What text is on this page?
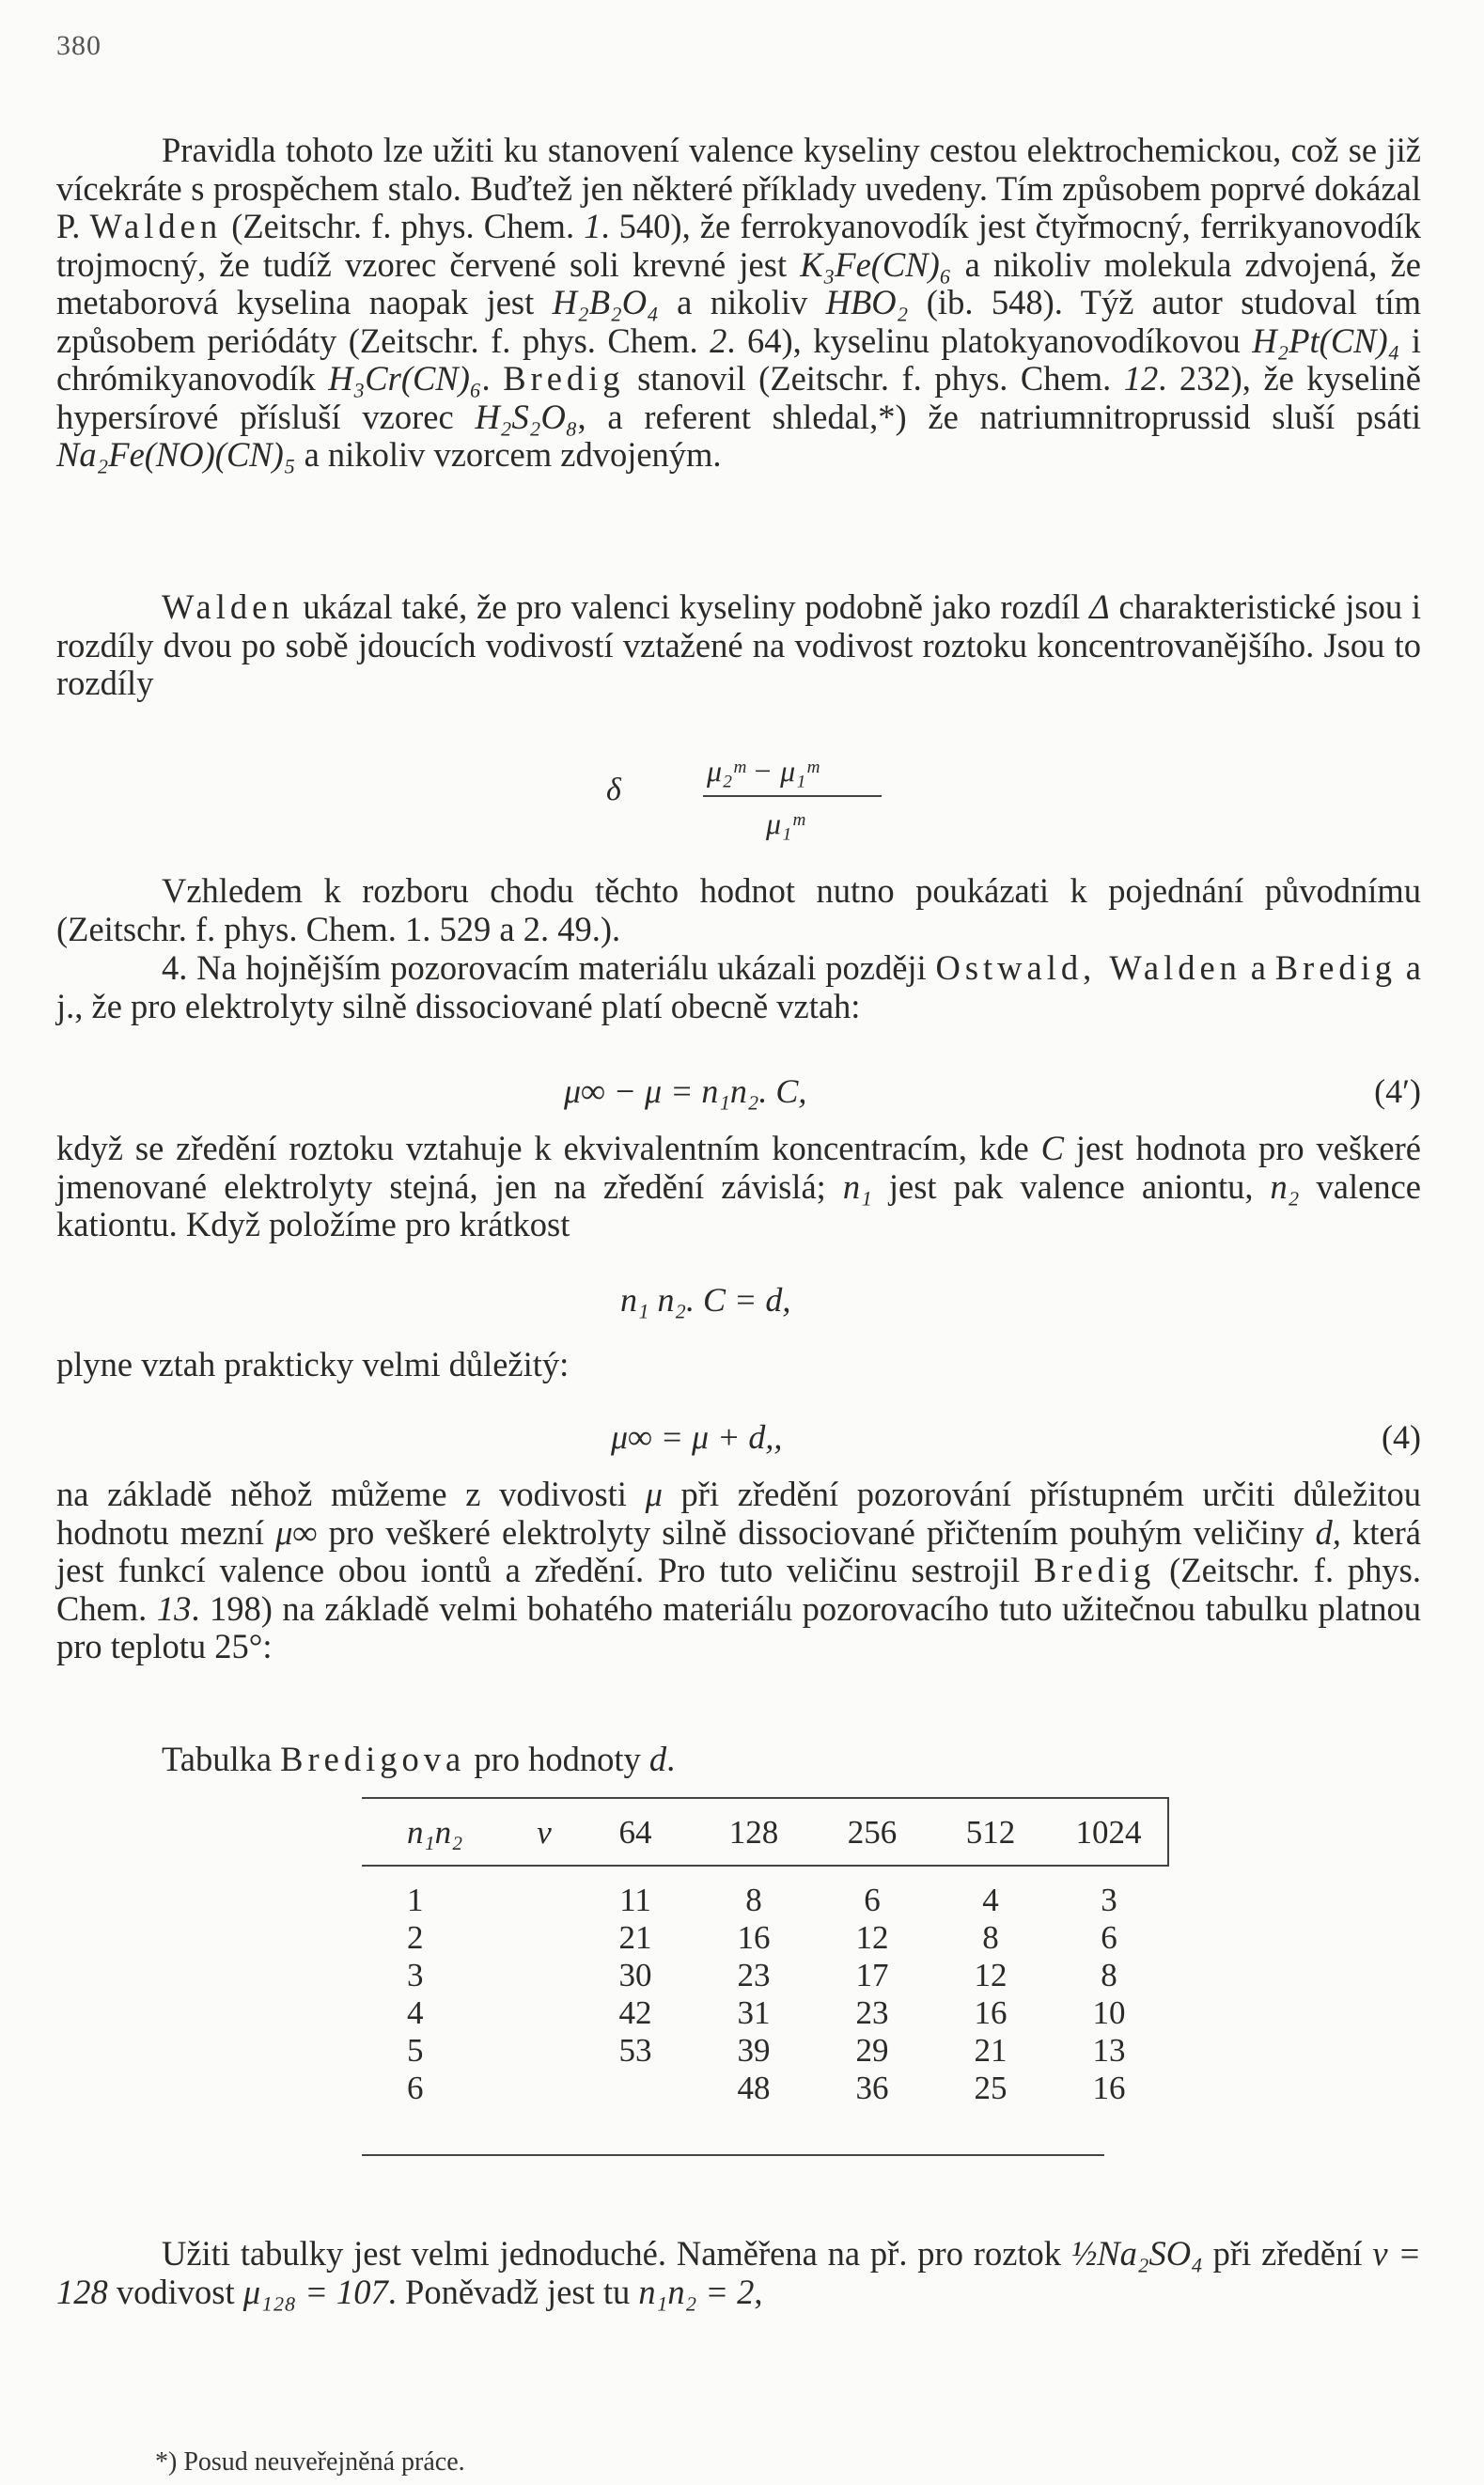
380

Pravidla tohoto lze užiti ku stanovení valence kyseliny cestou elektrochemickou, což se již vícekráte s prospěchem stalo. Buďtež jen některé příklady uvedeny. Tím způsobem poprvé dokázal P. Walden (Zeitschr. f. phys. Chem. 1. 540), že ferrokyanovodík jest čtyřmocný, ferrikyanovodík trojmocný, že tudíž vzorec červené soli krevné jest K₃Fe(CN)₆ a nikoliv molekula zdvojená, že metaborová kyselina naopak jest H₂B₂O₄ a nikoliv HBO₂ (ib. 548). Týž autor studoval tím způsobem periódáty (Zeitschr. f. phys. Chem. 2. 64), kyselinu platokyanovodíkovou H₂Pt(CN)₄ i chrómikyanovodík H₃Cr(CN)₆. Bredig stanovil (Zeitschr. f. phys. Chem. 12. 232), že kyselině hypersírové přísluší vzorec H₂S₂O₈, a referent shledal,*) že natriumnitroprussid sluší psáti Na₂Fe(NO)(CN)₅ a nikoliv vzorcem zdvojeným.

Walden ukázal také, že pro valenci kyseliny podobně jako rozdíl Δ charakteristické jsou i rozdíly dvou po sobě jdoucích vodivostí vztažené na vodivost roztoku koncentrovanějšího. Jsou to rozdíly

δ
μ₂ᵐ − μ₁ᵐ
μ₁ᵐ

Vzhledem k rozboru chodu těchto hodnot nutno poukázati k pojednání původnímu (Zeitschr. f. phys. Chem. 1. 529 a 2. 49.).

4. Na hojnějším pozorovacím materiálu ukázali později Ostwald, Walden a Bredig a j., že pro elektrolyty silně dissociované platí obecně vztah:

μ∞ − μ = n₁n₂. C,	(4′)

když se zředění roztoku vztahuje k ekvivalentním koncentracím, kde C jest hodnota pro veškeré jmenované elektrolyty stejná, jen na zředění závislá; n₁ jest pak valence aniontu, n₂ valence kationtu. Když položíme pro krátkost

n₁ n₂. C = d,

plyne vztah prakticky velmi důležitý:

μ∞ = μ + d,,	(4)

na základě něhož můžeme z vodivosti μ při zředění pozorování přístupném určiti důležitou hodnotu mezní μ∞ pro veškeré elektrolyty silně dissociované přičtením pouhým veličiny d, která jest funkcí valence obou iontů a zředění. Pro tuto veličinu sestrojil Bredig (Zeitschr. f. phys. Chem. 13. 198) na základě velmi bohatého materiálu pozorovacího tuto užitečnou tabulku platnou pro teplotu 25°:

Tabulka Bredigova pro hodnoty d.

n₁n₂	v	64	128	256	512	1024
1		11	8	6	4	3
2		21	16	12	8	6
3		30	23	17	12	8
4		42	31	23	16	10
5		53	39	29	21	13
6			48	36	25	16

Užiti tabulky jest velmi jednoduché. Naměřena na př. pro roztok ½Na₂SO₄ při zředění v = 128 vodivost μ₁₂₈ = 107. Poněvadž jest tu n₁n₂ = 2,

*) Posud neuveřejněná práce.
